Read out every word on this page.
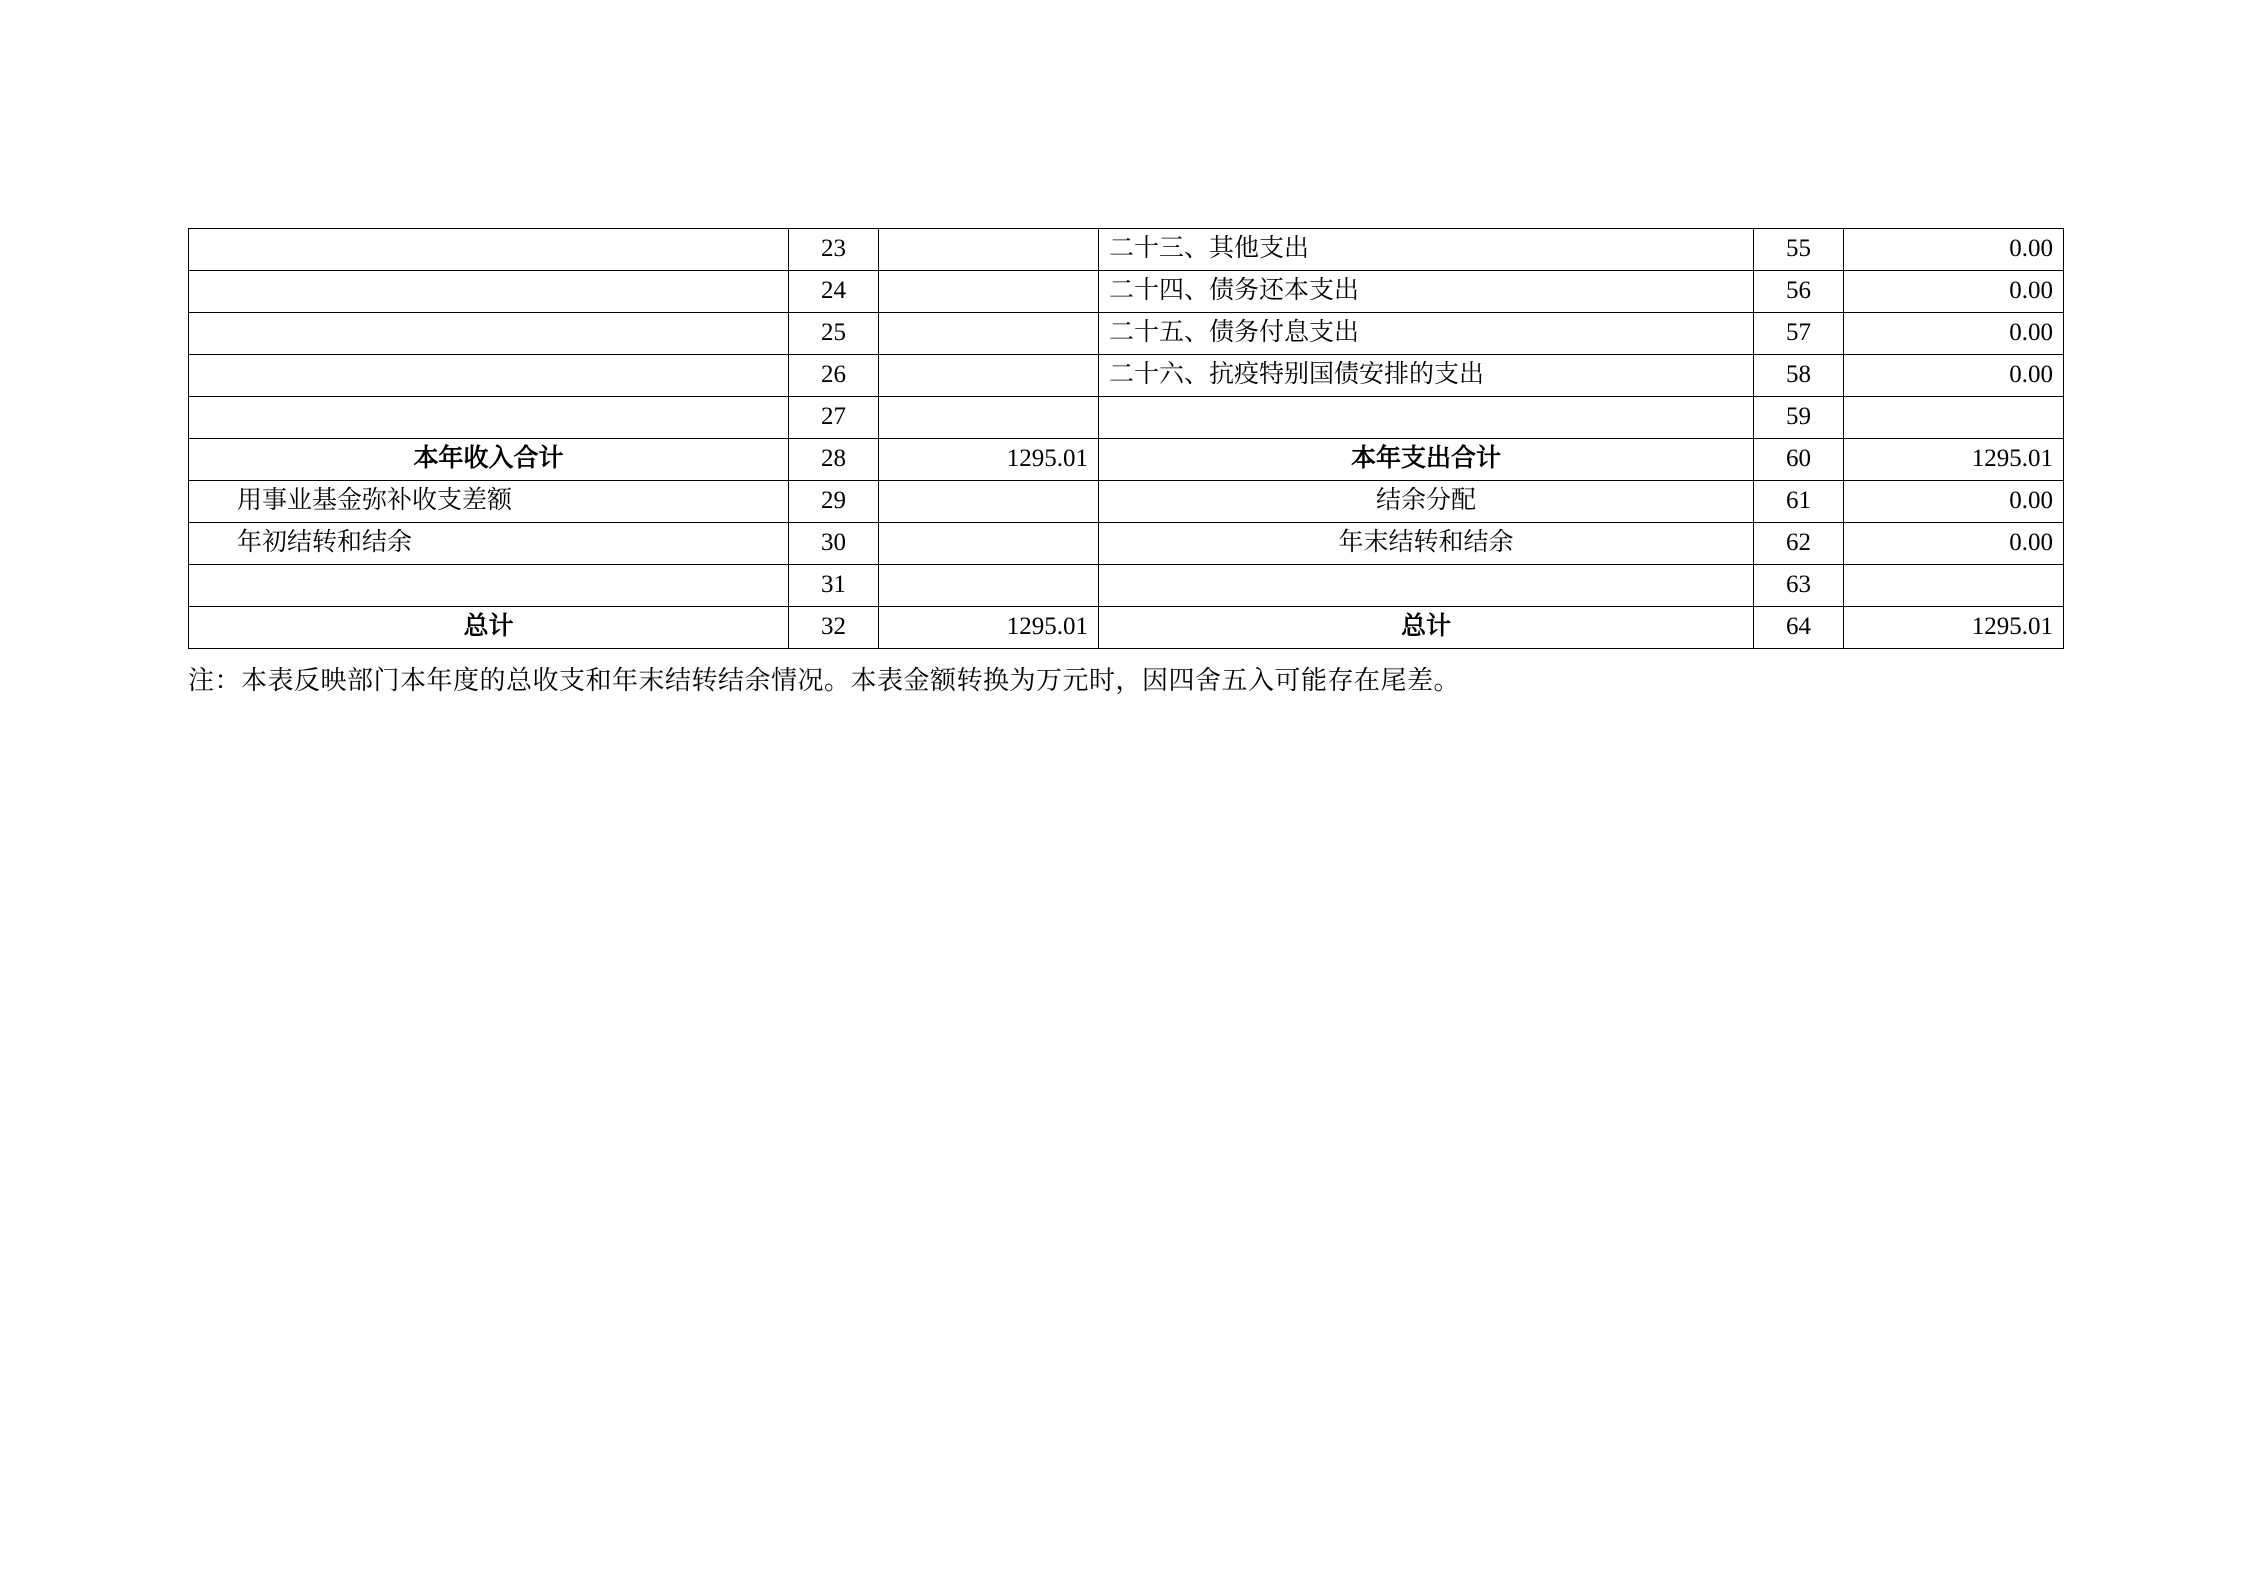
	23		二十三、其他支出	55	0.00
	24		二十四、债务还本支出	56	0.00
	25		二十五、债务付息支出	57	0.00
	26		二十六、抗疫特别国债安排的支出	58	0.00
	27			59	
本年收入合计	28	1295.01	本年支出合计	60	1295.01
用事业基金弥补收支差额	29		结余分配	61	0.00
年初结转和结余	30		年末结转和结余	62	0.00
	31			63	
总计	32	1295.01	总计	64	1295.01
注：本表反映部门本年度的总收支和年末结转结余情况。本表金额转换为万元时，因四舍五入可能存在尾差。
